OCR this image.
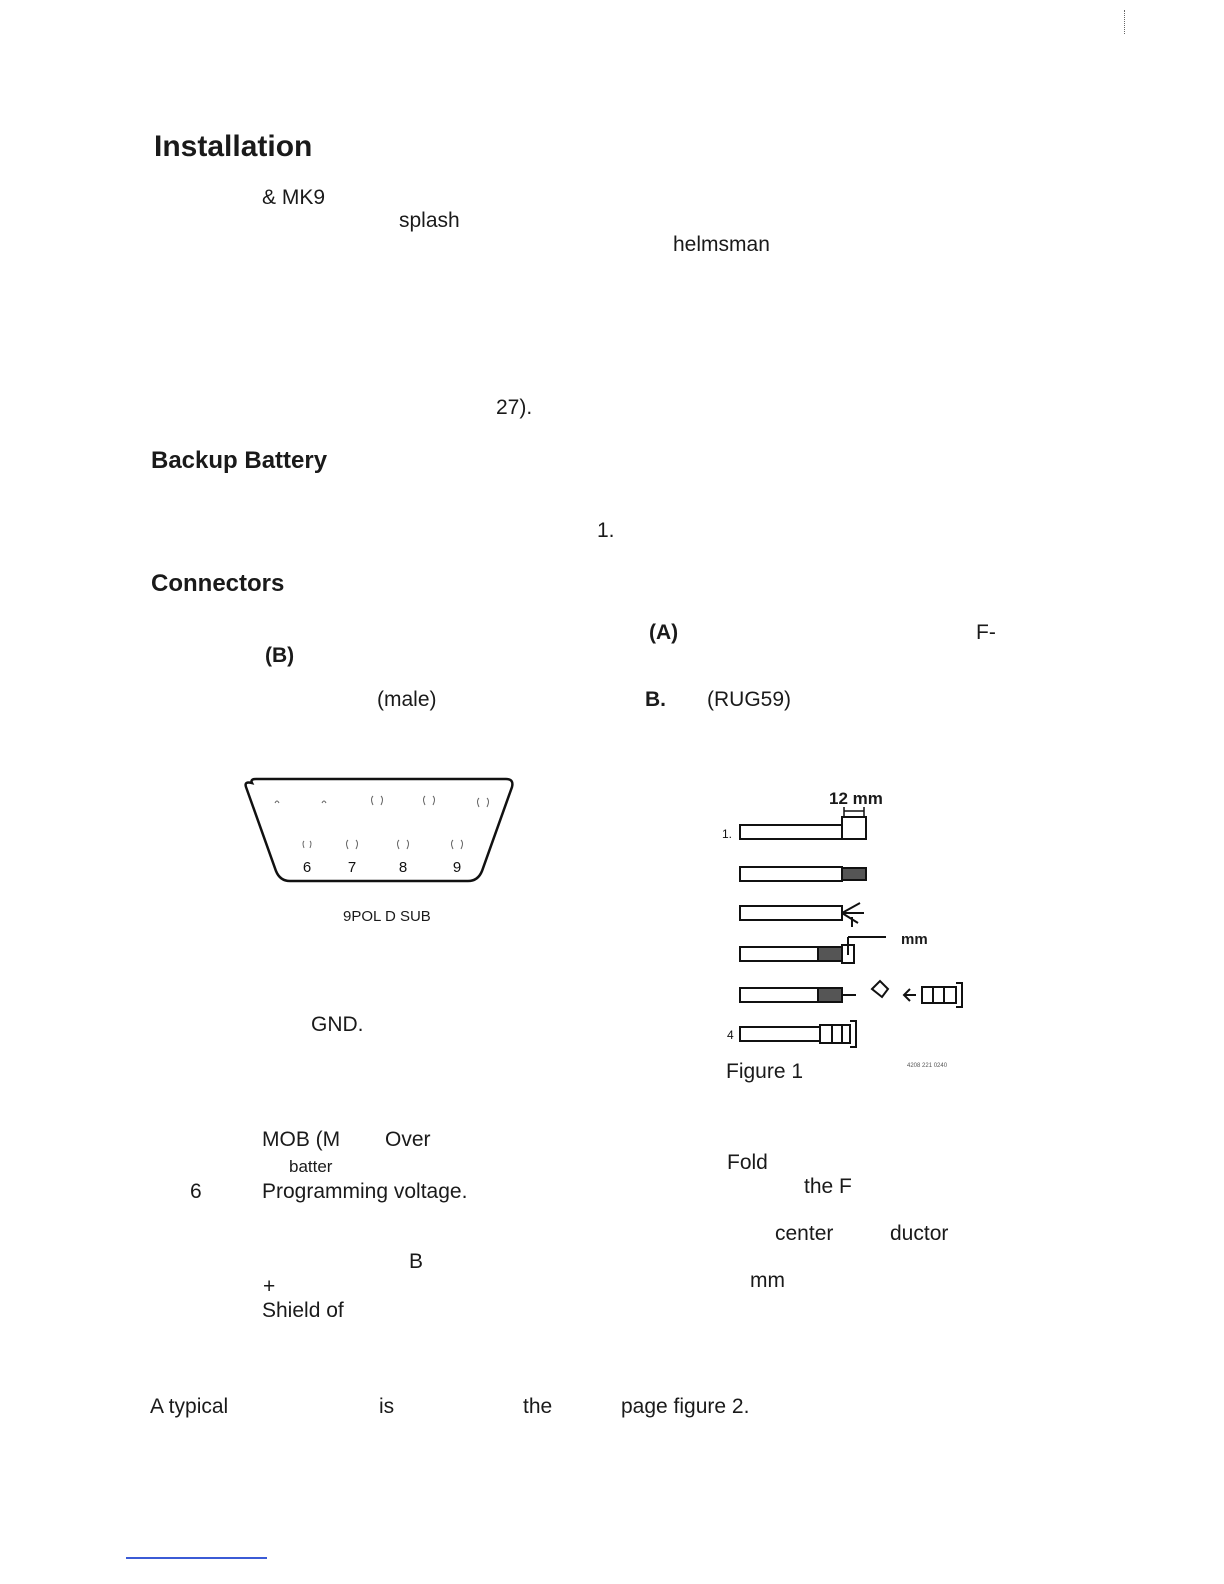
Installation
& MK9
splash
helmsman
27).
Backup Battery
1.
Connectors
(A)	F-
(B)
(male)	B. (RUG59)
6 7	8	9
9POL D SUB
12 mm
1.
4
mm
Figure 1	4208 221 0240
GND.
MOB (M Over
batter
6	Programming voltage.
B
+
Shield of
Fold
the F
center	ductor
mm
A typical	is	the	page figure 2.
